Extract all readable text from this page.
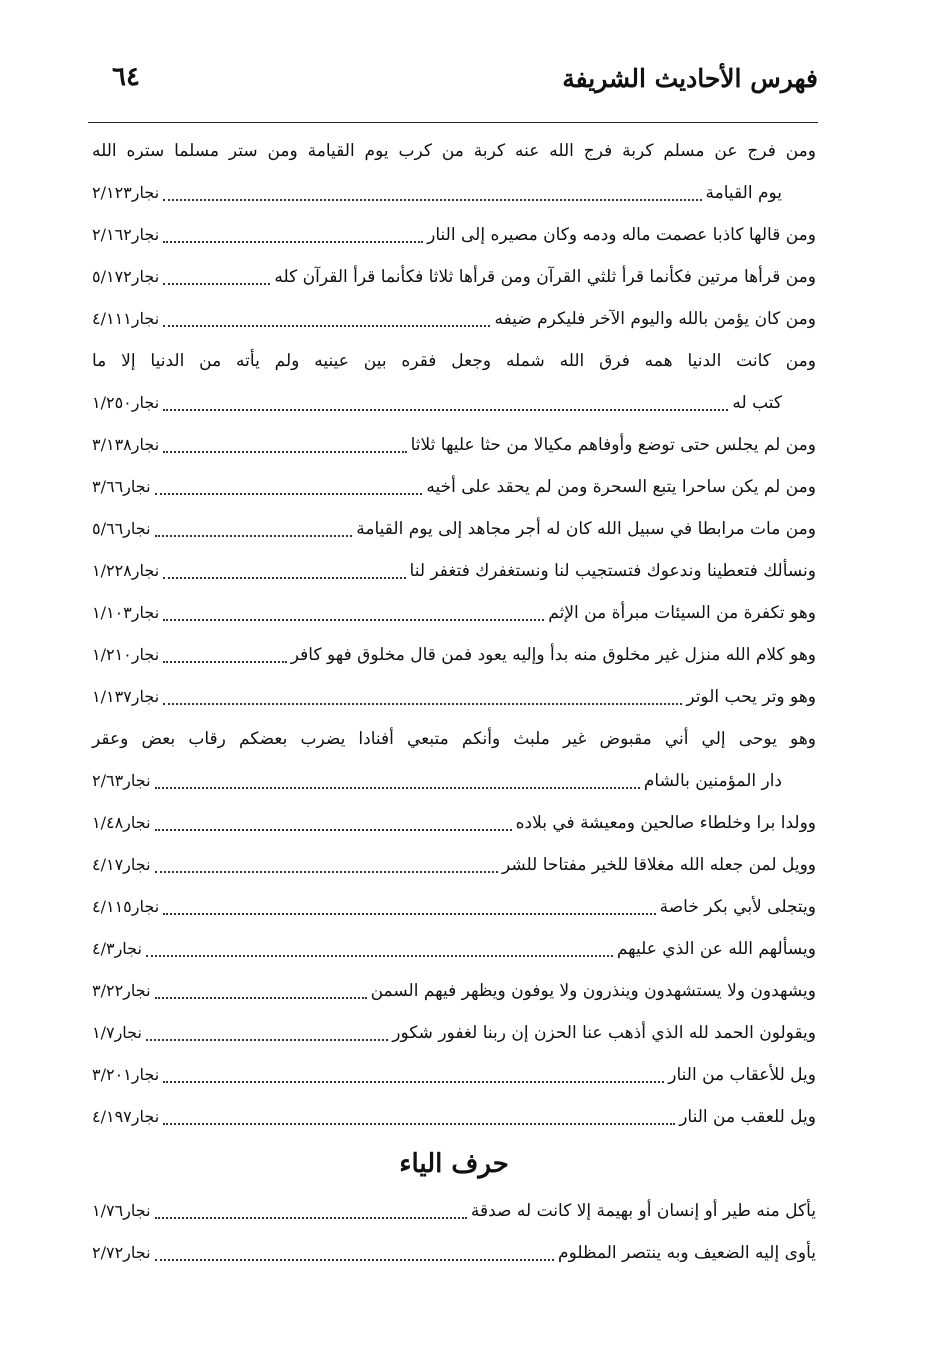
فهرس الأحاديث الشريفة
٦٤
ومن فرج عن مسلم كربة فرج الله عنه كربة من كرب يوم القيامة ومن ستر مسلما ستره الله
يوم القيامة
نجار٢/١٢٣
ومن قالها كاذبا عصمت ماله ودمه وكان مصيره إلى النار
نجار٢/١٦٢
ومن قرأها مرتين فكأنما قرأ ثلثي القرآن ومن قرأها ثلاثا فكأنما قرأ القرآن كله
نجار٥/١٧٢
ومن كان يؤمن بالله واليوم الآخر فليكرم ضيفه
نجار٤/١١١
ومن كانت الدنيا همه فرق الله شمله وجعل فقره بين عينيه ولم يأته من الدنيا إلا ما
كتب له
نجار١/٢٥٠
ومن لم يجلس حتى توضع وأوفاهم مكيالا من حثا عليها ثلاثا
نجار٣/١٣٨
ومن لم يكن ساحرا يتبع السحرة ومن لم يحقد على أخيه
نجار٣/٦٦
ومن مات مرابطا في سبيل الله كان له أجر مجاهد إلى يوم القيامة
نجار٥/٦٦
ونسألك فتعطينا وندعوك فتستجيب لنا ونستغفرك فتغفر لنا
نجار١/٢٢٨
وهو تكفرة من السيئات مبرأة من الإثم
نجار١/١٠٣
وهو كلام الله منزل غير مخلوق منه بدأ وإليه يعود فمن قال مخلوق فهو كافر
نجار١/٢١٠
وهو وتر يحب الوتر
نجار١/١٣٧
وهو يوحى إلي أني مقبوض غير ملبث وأنكم متبعي أفنادا يضرب بعضكم رقاب بعض وعقر
دار المؤمنين بالشام
نجار٢/٦٣
وولدا برا وخلطاء صالحين ومعيشة في بلاده
نجار١/٤٨
وويل لمن جعله الله مغلاقا للخير مفتاحا للشر
نجار٤/١٧
ويتجلى لأبي بكر خاصة
نجار٤/١١٥
ويسألهم الله عن الذي عليهم
نجار٤/٣
ويشهدون ولا يستشهدون وينذرون ولا يوفون ويظهر فيهم السمن
نجار٣/٢٢
ويقولون الحمد لله الذي أذهب عنا الحزن إن ربنا لغفور شكور
نجار١/٧
ويل للأعقاب من النار
نجار٣/٢٠١
ويل للعقب من النار
نجار٤/١٩٧
حرف الياء
يأكل منه طير أو إنسان أو بهيمة إلا كانت له صدقة
نجار١/٧٦
يأوى إليه الضعيف وبه ينتصر المظلوم
نجار٢/٧٢
